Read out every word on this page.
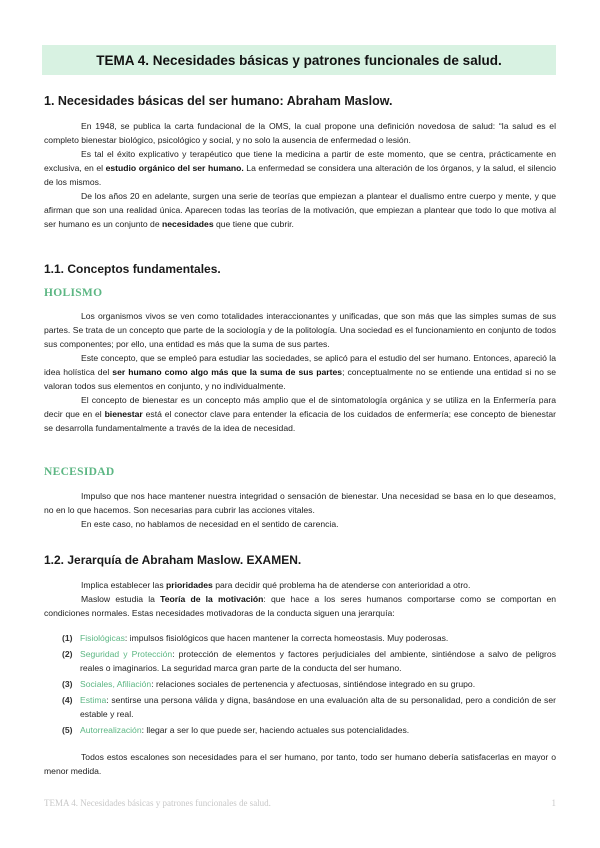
TEMA 4. Necesidades básicas y patrones funcionales de salud.
1. Necesidades básicas del ser humano: Abraham Maslow.

En 1948, se publica la carta fundacional de la OMS, la cual propone una definición novedosa de salud: “la salud es el completo bienestar biológico, psicológico y social, y no solo la ausencia de enfermedad o lesión.

Es tal el éxito explicativo y terapéutico que tiene la medicina a partir de este momento, que se centra, prácticamente en exclusiva, en el estudio orgánico del ser humano. La enfermedad se considera una alteración de los órganos, y la salud, el silencio de los mismos.

De los años 20 en adelante, surgen una serie de teorías que empiezan a plantear el dualismo entre cuerpo y mente, y que afirman que son una realidad única. Aparecen todas las teorías de la motivación, que empiezan a plantear que todo lo que motiva al ser humano es un conjunto de necesidades que tiene que cubrir.

1.1. Conceptos fundamentales.
HOLISMO

Los organismos vivos se ven como totalidades interaccionantes y unificadas, que son más que las simples sumas de sus partes. Se trata de un concepto que parte de la sociología y de la politología. Una sociedad es el funcionamiento en conjunto de todos sus componentes; por ello, una entidad es más que la suma de sus partes.

Este concepto, que se empleó para estudiar las sociedades, se aplicó para el estudio del ser humano. Entonces, apareció la idea holística del ser humano como algo más que la suma de sus partes; conceptualmente no se entiende una entidad si no se valoran todos sus elementos en conjunto, y no individualmente.

El concepto de bienestar es un concepto más amplio que el de sintomatología orgánica y se utiliza en la Enfermería para decir que en el bienestar está el conector clave para entender la eficacia de los cuidados de enfermería; ese concepto de bienestar se desarrolla fundamentalmente a través de la idea de necesidad.

NECESIDAD

Impulso que nos hace mantener nuestra integridad o sensación de bienestar. Una necesidad se basa en lo que deseamos, no en lo que hacemos. Son necesarias para cubrir las acciones vitales.

En este caso, no hablamos de necesidad en el sentido de carencia.

1.2. Jerarquía de Abraham Maslow. EXAMEN.

Implica establecer las prioridades para decidir qué problema ha de atenderse con anterioridad a otro.

Maslow estudia la Teoría de la motivación: que hace a los seres humanos comportarse como se comportan en condiciones normales. Estas necesidades motivadoras de la conducta siguen una jerarquía:

(1) Fisiológicas: impulsos fisiológicos que hacen mantener la correcta homeostasis. Muy poderosas.
(2) Seguridad y Protección: protección de elementos y factores perjudiciales del ambiente, sintiéndose a salvo de peligros reales o imaginarios. La seguridad marca gran parte de la conducta del ser humano.
(3) Sociales, Afiliación: relaciones sociales de pertenencia y afectuosas, sintiéndose integrado en su grupo.
(4) Estima: sentirse una persona válida y digna, basándose en una evaluación alta de su personalidad, pero a condición de ser estable y real.
(5) Autorrealización: llegar a ser lo que puede ser, haciendo actuales sus potencialidades.

Todos estos escalones son necesidades para el ser humano, por tanto, todo ser humano debería satisfacerlas en mayor o menor medida.

TEMA 4. Necesidades básicas y patrones funcionales de salud.	1
